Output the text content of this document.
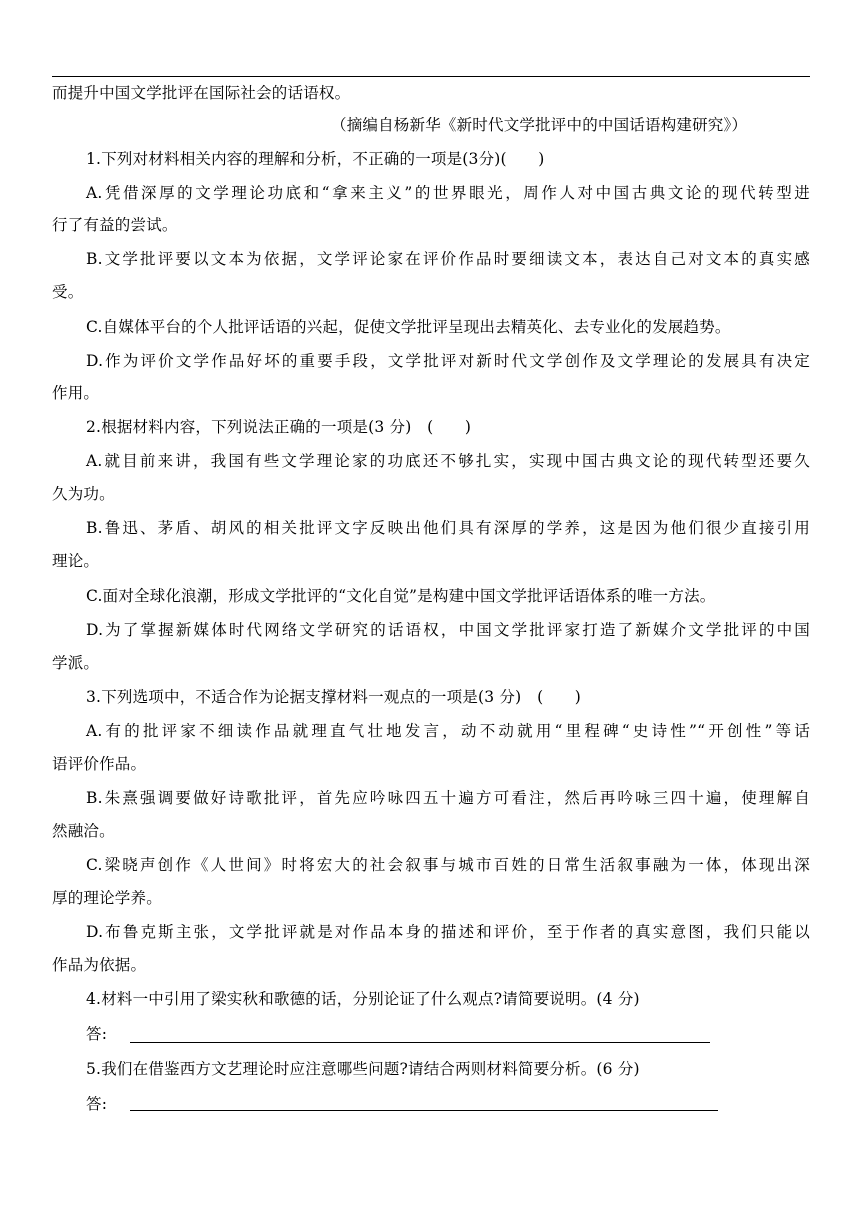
而提升中国文学批评在国际社会的话语权。
（摘编自杨新华《新时代文学批评中的中国话语构建研究》）
1.下列对材料相关内容的理解和分析，不正确的一项是(3分)(　　)
A.凭借深厚的文学理论功底和“拿来主义”的世界眼光，周作人对中国古典文论的现代转型进
行了有益的尝试。
B.文学批评要以文本为依据，文学评论家在评价作品时要细读文本，表达自己对文本的真实感
受。
C.自媒体平台的个人批评话语的兴起，促使文学批评呈现出去精英化、去专业化的发展趋势。
D.作为评价文学作品好坏的重要手段，文学批评对新时代文学创作及文学理论的发展具有决定
作用。
2.根据材料内容，下列说法正确的一项是(3 分)　(　　)
A.就目前来讲，我国有些文学理论家的功底还不够扎实，实现中国古典文论的现代转型还要久
久为功。
B.鲁迅、茅盾、胡风的相关批评文字反映出他们具有深厚的学养，这是因为他们很少直接引用
理论。
C.面对全球化浪潮，形成文学批评的“文化自觉”是构建中国文学批评话语体系的唯一方法。
D.为了掌握新媒体时代网络文学研究的话语权，中国文学批评家打造了新媒介文学批评的中国
学派。
3.下列选项中，不适合作为论据支撑材料一观点的一项是(3 分)　(　　)
A.有的批评家不细读作品就理直气壮地发言，动不动就用“里程碑“史诗性”“开创性”等话
语评价作品。
B.朱熹强调要做好诗歌批评，首先应吟咏四五十遍方可看注，然后再吟咏三四十遍，使理解自
然融洽。
C.梁晓声创作《人世间》时将宏大的社会叙事与城市百姓的日常生活叙事融为一体，体现出深
厚的理论学养。
D.布鲁克斯主张，文学批评就是对作品本身的描述和评价，至于作者的真实意图，我们只能以
作品为依据。
4.材料一中引用了梁实秋和歌德的话，分别论证了什么观点?请简要说明。(4 分)
答:
5.我们在借鉴西方文艺理论时应注意哪些问题?请结合两则材料简要分析。(6 分)
答:
